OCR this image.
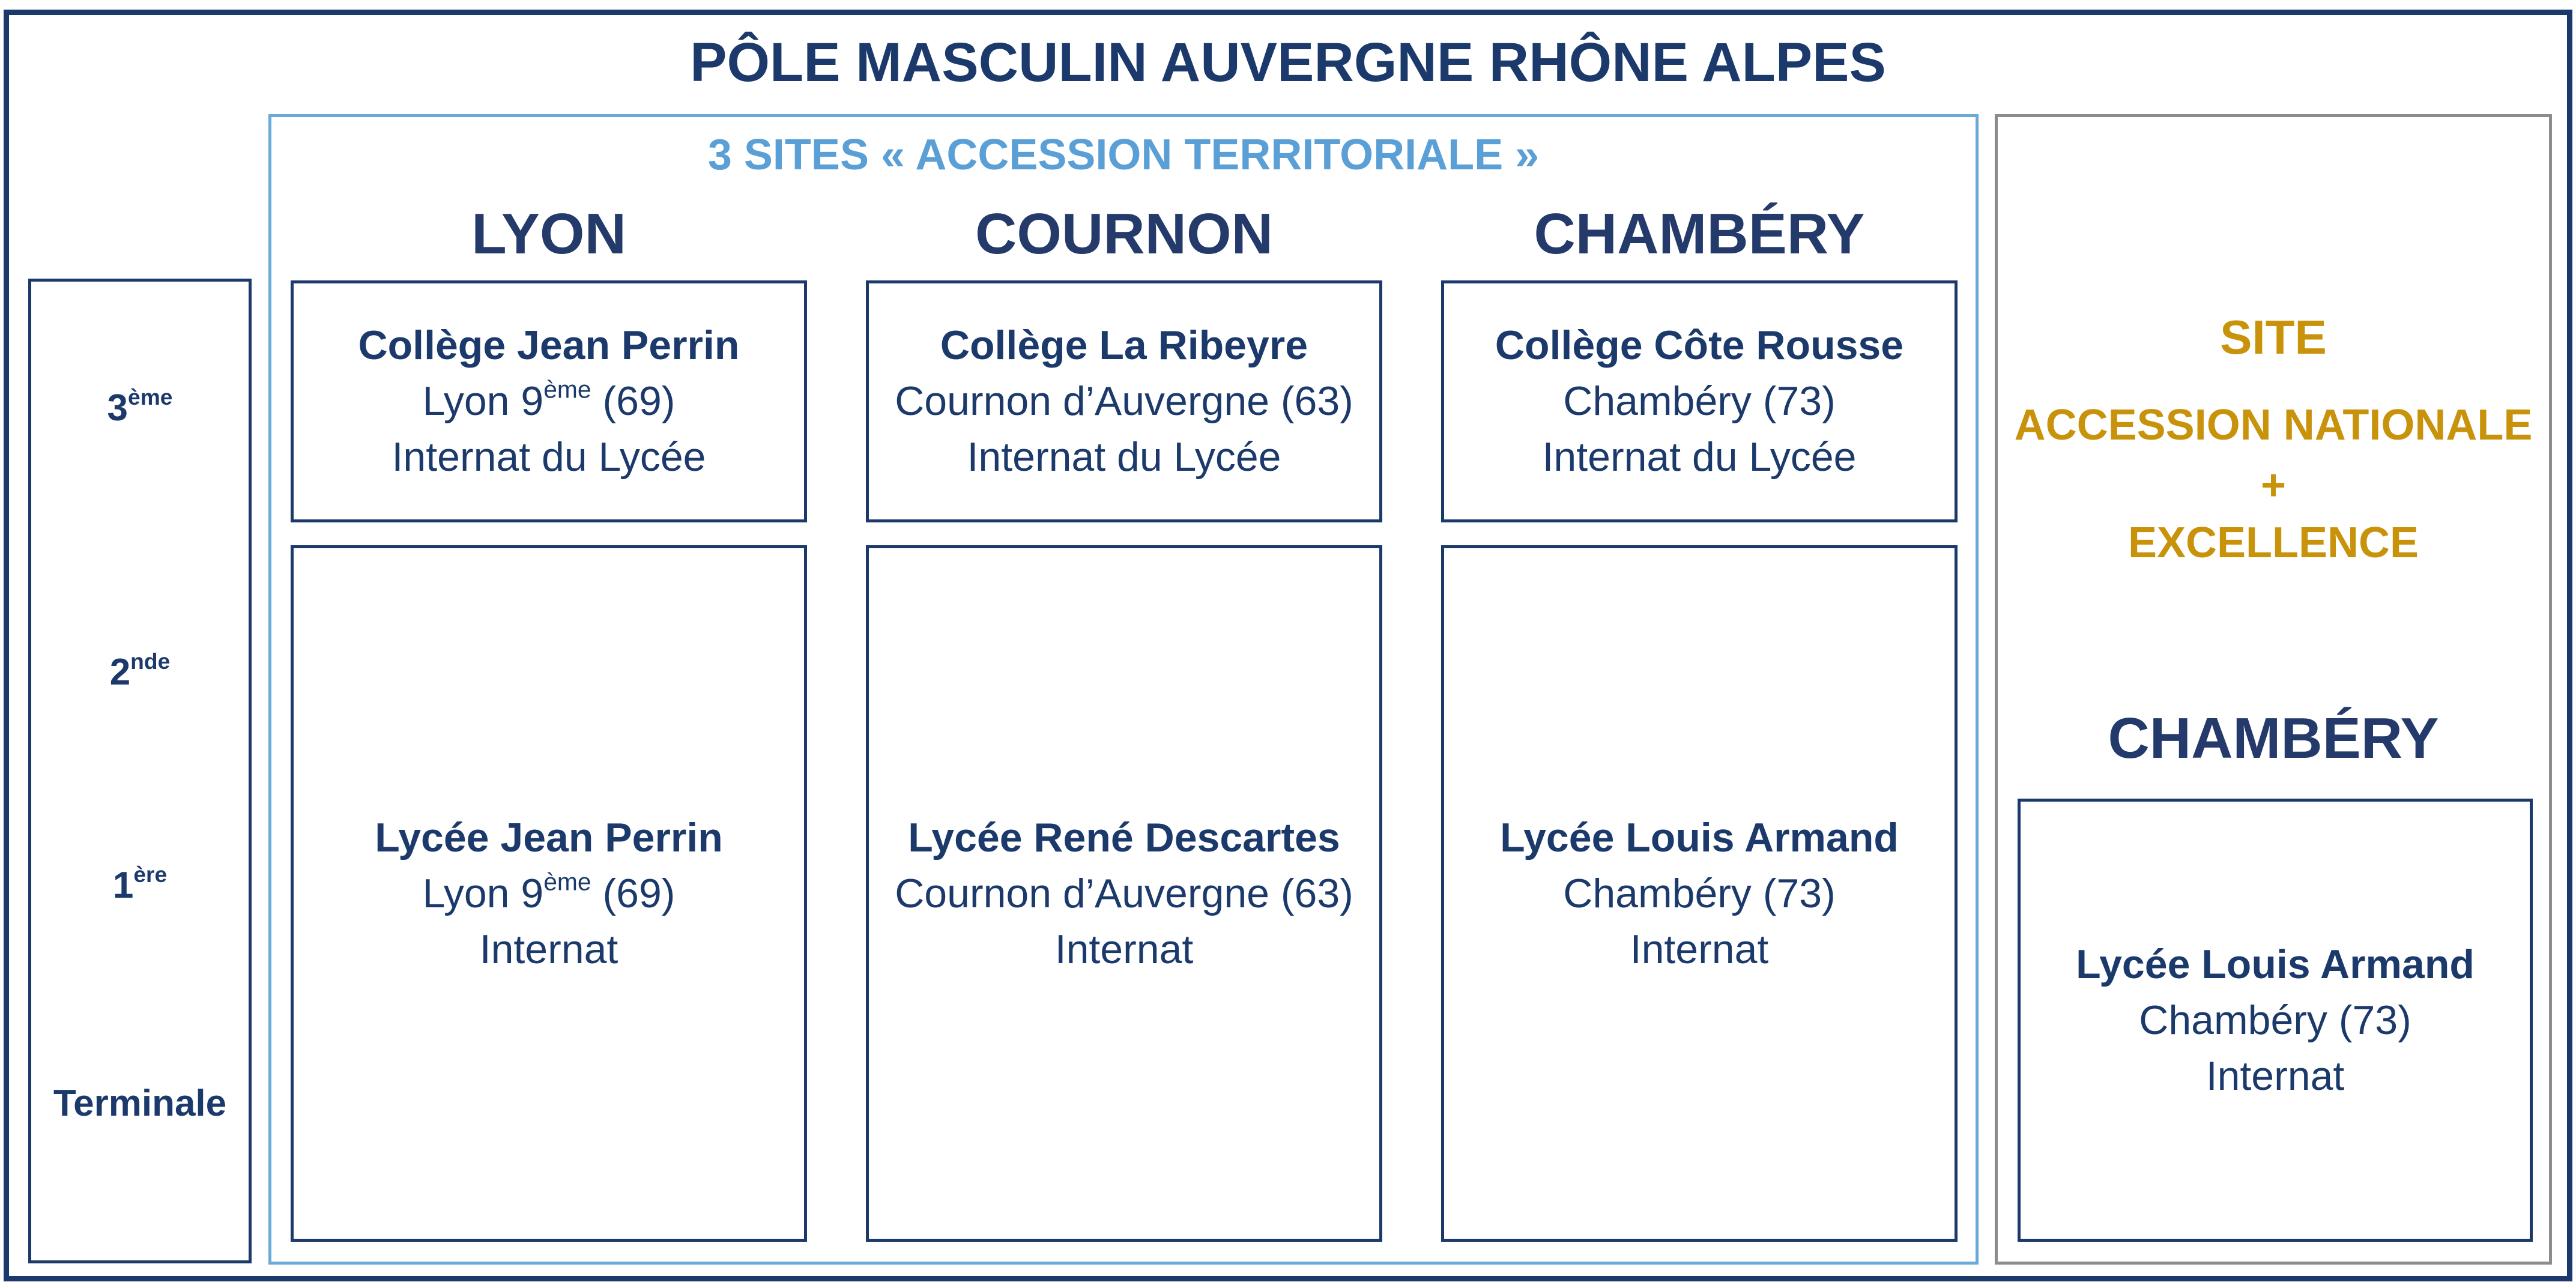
PÔLE MASCULIN AUVERGNE RHÔNE ALPES
3ème
2nde
1ère
Terminale
3 SITES « ACCESSION TERRITORIALE »
LYON
Collège Jean Perrin
Lyon 9ème (69)
Internat du Lycée
Lycée Jean Perrin
Lyon 9ème (69)
Internat
COURNON
Collège La Ribeyre
Cournon d’Auvergne (63)
Internat du Lycée
Lycée René Descartes
Cournon d’Auvergne (63)
Internat
CHAMBÉRY
Collège Côte Rousse
Chambéry (73)
Internat du Lycée
Lycée Louis Armand
Chambéry (73)
Internat
SITE
ACCESSION NATIONALE
+
EXCELLENCE
CHAMBÉRY
Lycée Louis Armand
Chambéry (73)
Internat
